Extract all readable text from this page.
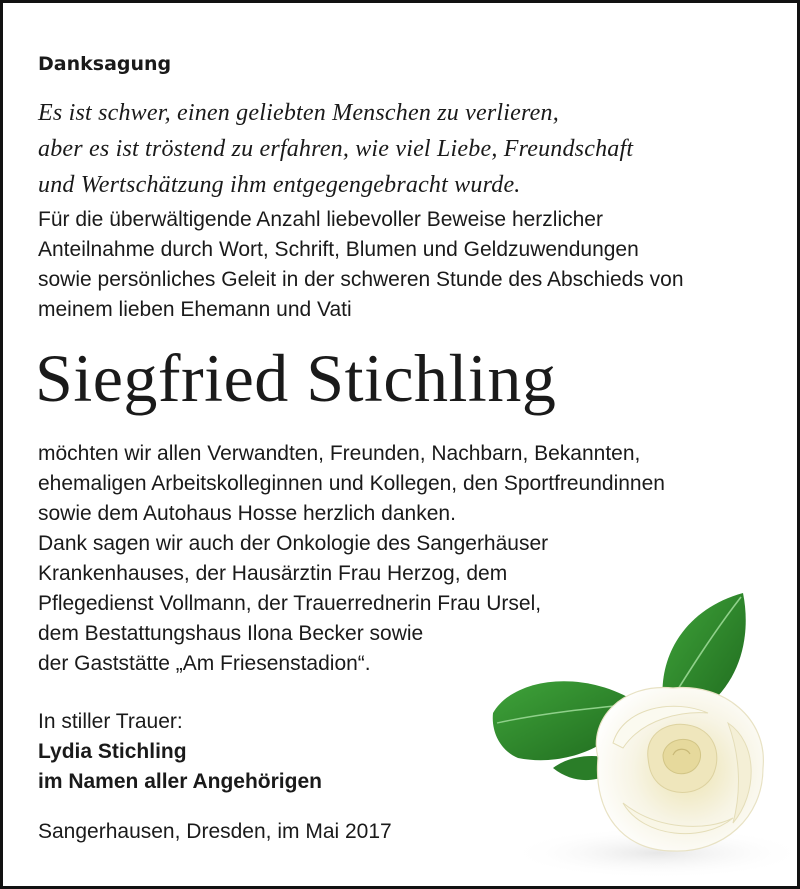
Danksagung
Es ist schwer, einen geliebten Menschen zu verlieren,
aber es ist tröstend zu erfahren, wie viel Liebe, Freundschaft
und Wertschätzung ihm entgegengebracht wurde.
Für die überwältigende Anzahl liebevoller Beweise herzlicher
Anteilnahme durch Wort, Schrift, Blumen und Geldzuwendungen
sowie persönliches Geleit in der schweren Stunde des Abschieds von
meinem lieben Ehemann und Vati
Siegfried Stichling
möchten wir allen Verwandten, Freunden, Nachbarn, Bekannten,
ehemaligen Arbeitskolleginnen und Kollegen, den Sportfreundinnen
sowie dem Autohaus Hosse herzlich danken.
Dank sagen wir auch der Onkologie des Sangerhäuser
Krankenhauses, der Hausärztin Frau Herzog, dem
Pflegedienst Vollmann, der Trauerrednerin Frau Ursel,
dem Bestattungshaus Ilona Becker sowie
der Gaststätte „Am Friesenstadion“.
In stiller Trauer:
Lydia Stichling
im Namen aller Angehörigen
Sangerhausen, Dresden, im Mai 2017
